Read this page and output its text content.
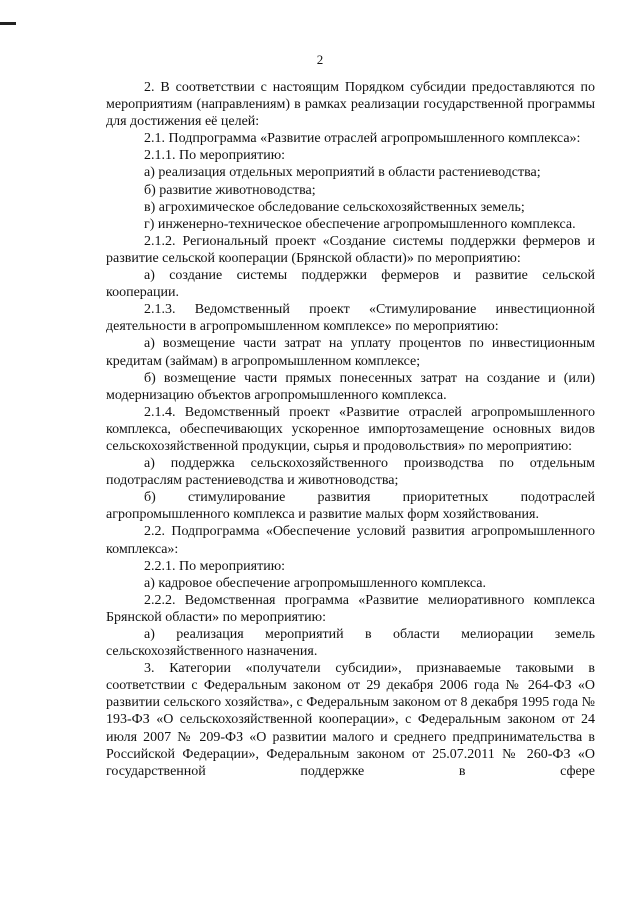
2

2. В соответствии с настоящим Порядком субсидии предоставляются по мероприятиям (направлениям) в рамках реализации государственной программы для достижения её целей:

2.1. Подпрограмма «Развитие отраслей агропромышленного комплекса»:

2.1.1. По мероприятию:

а) реализация отдельных мероприятий в области растениеводства;

б) развитие животноводства;

в) агрохимическое обследование сельскохозяйственных земель;

г) инженерно-техническое обеспечение агропромышленного комплекса.

2.1.2. Региональный проект «Создание системы поддержки фермеров и развитие сельской кооперации (Брянской области)» по мероприятию:

а) создание системы поддержки фермеров и развитие сельской кооперации.

2.1.3. Ведомственный проект «Стимулирование инвестиционной деятельности в агропромышленном комплексе» по мероприятию:

а) возмещение части затрат на уплату процентов по инвестиционным кредитам (займам) в агропромышленном комплексе;

б) возмещение части прямых понесенных затрат на создание и (или) модернизацию объектов агропромышленного комплекса.

2.1.4. Ведомственный проект «Развитие отраслей агропромышленного комплекса, обеспечивающих ускоренное импортозамещение основных видов сельскохозяйственной продукции, сырья и продовольствия» по мероприятию:

а) поддержка сельскохозяйственного производства по отдельным подотраслям растениеводства и животноводства;

б) стимулирование развития приоритетных подотраслей агропромышленного комплекса и развитие малых форм хозяйствования.

2.2. Подпрограмма «Обеспечение условий развития агропромышленного комплекса»:

2.2.1. По мероприятию:

а) кадровое обеспечение агропромышленного комплекса.

2.2.2. Ведомственная программа «Развитие мелиоративного комплекса Брянской области» по мероприятию:

а) реализация мероприятий в области мелиорации земель сельскохозяйственного назначения.

3. Категории «получатели субсидии», признаваемые таковыми в соответствии с Федеральным законом от 29 декабря 2006 года № 264-ФЗ «О развитии сельского хозяйства», с Федеральным законом от 8 декабря 1995 года № 193-ФЗ «О сельскохозяйственной кооперации», с Федеральным законом от 24 июля 2007 № 209-ФЗ «О развитии малого и среднего предпринимательства в Российской Федерации», Федеральным законом от 25.07.2011 № 260-ФЗ «О государственной поддержке в сфере
